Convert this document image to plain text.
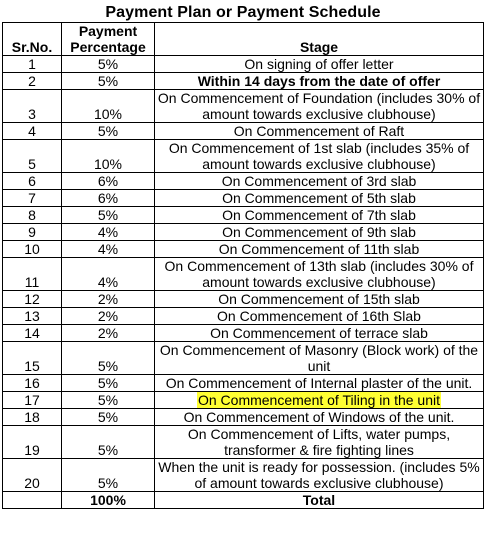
Payment Plan or Payment Schedule
Sr.No.	Payment Percentage	Stage
1	5%	On signing of offer letter
2	5%	Within 14 days from the date of offer
3	10%	On Commencement of Foundation (includes 30% of amount towards exclusive clubhouse)
4	5%	On Commencement of Raft
5	10%	On Commencement of 1st slab (includes 35% of amount towards exclusive clubhouse)
6	6%	On Commencement of 3rd slab
7	6%	On Commencement of 5th slab
8	5%	On Commencement of 7th slab
9	4%	On Commencement of 9th slab
10	4%	On Commencement of 11th slab
11	4%	On Commencement of 13th slab (includes 30% of amount towards exclusive clubhouse)
12	2%	On Commencement of 15th slab
13	2%	On Commencement of 16th Slab
14	2%	On Commencement of terrace slab
15	5%	On Commencement of Masonry (Block work) of the unit
16	5%	On Commencement of Internal plaster of the unit.
17	5%	On Commencement of Tiling in the unit
18	5%	On Commencement of Windows of the unit.
19	5%	On Commencement of Lifts, water pumps, transformer & fire fighting lines
20	5%	When the unit is ready for possession. (includes 5% of amount towards exclusive clubhouse)
	100%	Total
